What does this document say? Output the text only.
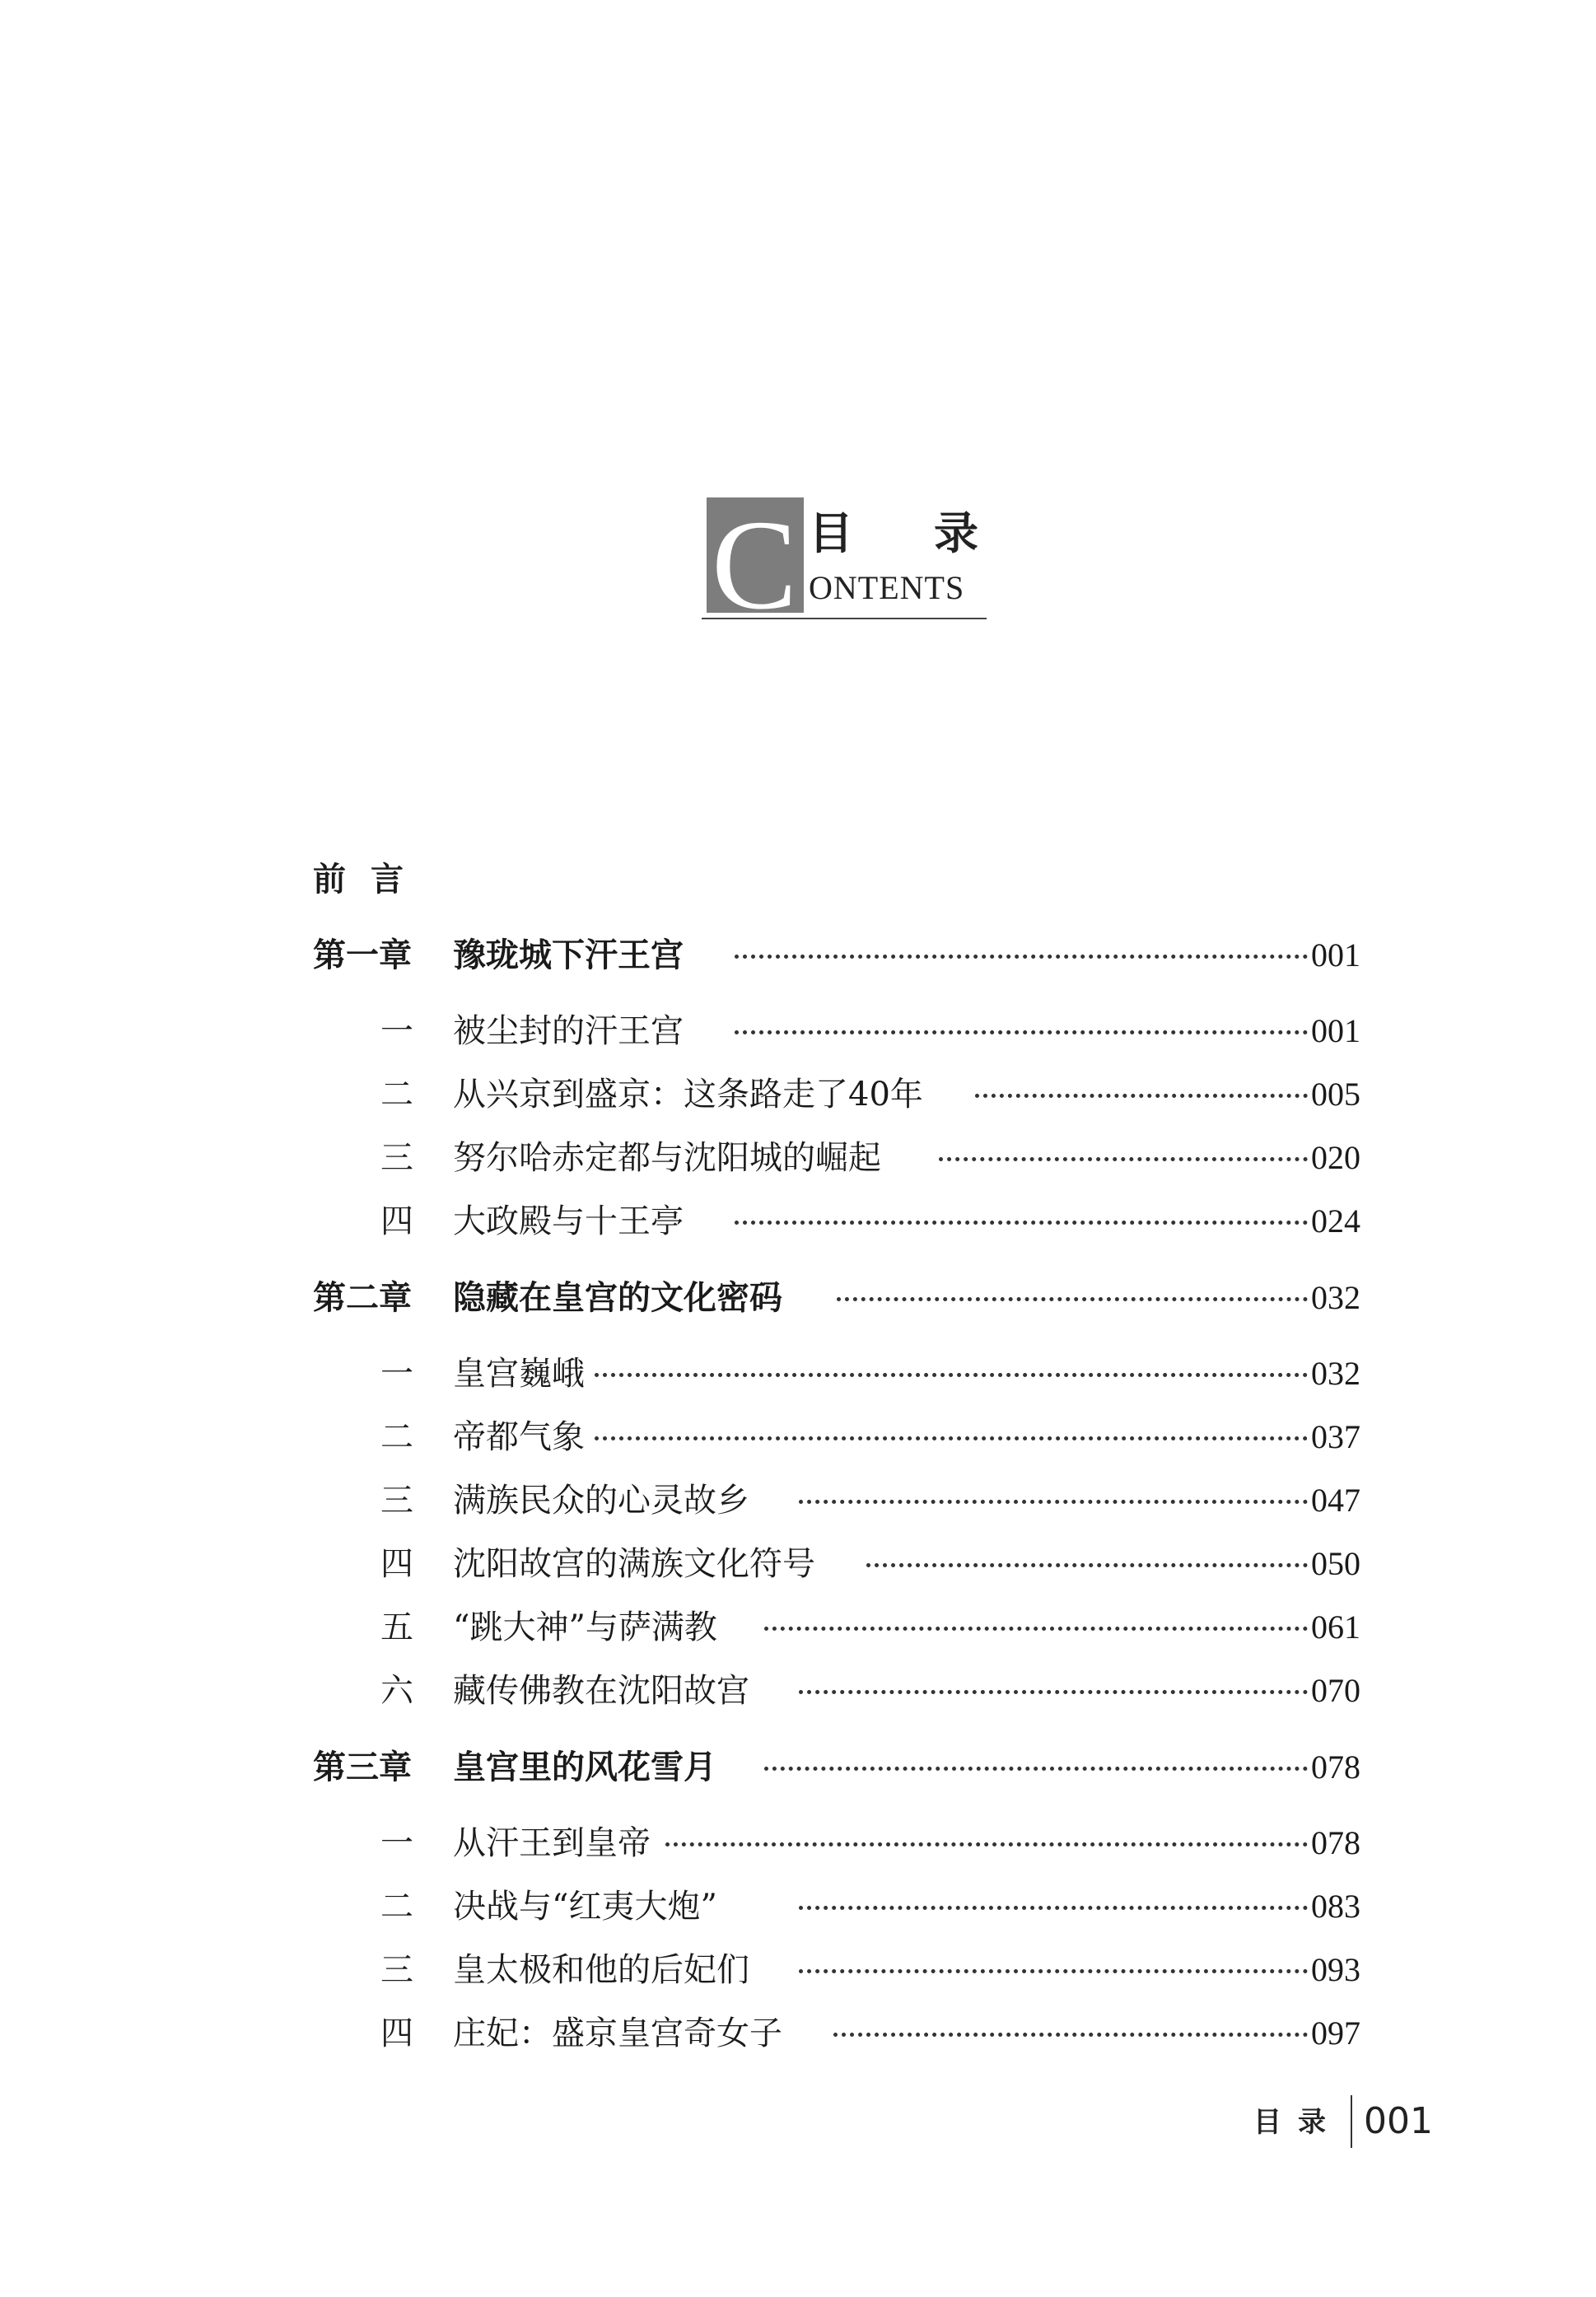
C 目 录
ONTENTS
前言
第一章 豫珑城下汗王宫	001
一 被尘封的汗王宫	001
二 从兴京到盛京：这条路走了40年	005
三 努尔哈赤定都与沈阳城的崛起	020
四 大政殿与十王亭	024
第二章 隐藏在皇宫的文化密码	032
一 皇宫巍峨	032
二 帝都气象	037
三 满族民众的心灵故乡	047
四 沈阳故宫的满族文化符号	050
五 “跳大神”与萨满教	061
六 藏传佛教在沈阳故宫	070
第三章 皇宫里的风花雪月	078
一 从汗王到皇帝	078
二 决战与“红夷大炮”	083
三 皇太极和他的后妃们	093
四 庄妃：盛京皇宫奇女子	097
目录 001
